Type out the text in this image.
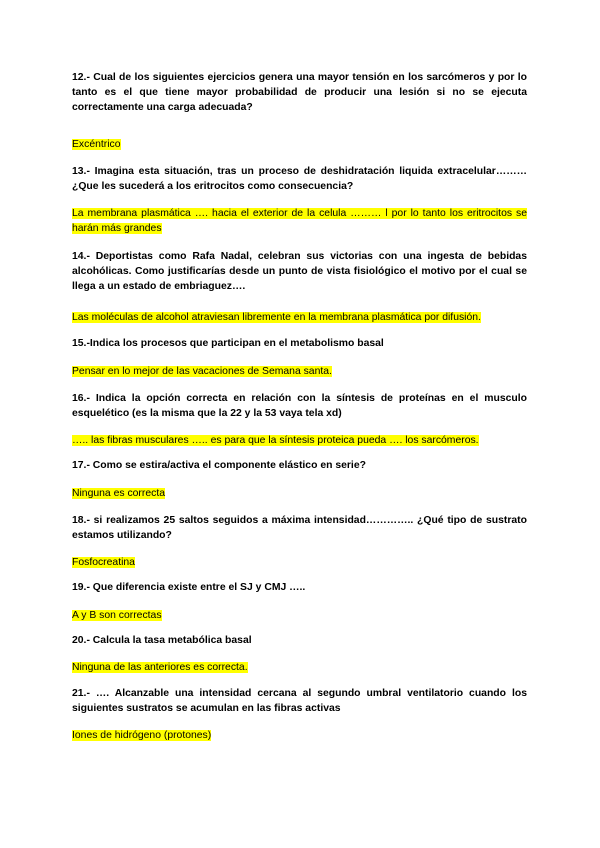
12.- Cual de los siguientes ejercicios genera una mayor tensión en los sarcómeros y por lo tanto es el que tiene mayor probabilidad de producir una lesión si no se ejecuta correctamente una carga adecuada?

Excéntrico

13.- Imagina esta situación, tras un proceso de deshidratación liquida extracelular……… ¿Que les sucederá a los eritrocitos como consecuencia?

La membrana plasmática …. hacia el exterior de la celula ……… l por lo tanto los eritrocitos se harán más grandes

14.- Deportistas como Rafa Nadal, celebran sus victorias con una ingesta de bebidas alcohólicas. Como justificarías desde un punto de vista fisiológico el motivo por el cual se llega a un estado de embriaguez….

Las moléculas de alcohol atraviesan libremente en la membrana plasmática por difusión.

15.-Indica los procesos que participan en el metabolismo basal

Pensar en lo mejor de las vacaciones de Semana santa.

16.- Indica la opción correcta en relación con la síntesis de proteínas en el musculo esquelético (es la misma que la 22 y la 53 vaya tela xd)

….. las fibras musculares ….. es para que la síntesis proteica pueda …. los sarcómeros.

17.- Como se estira/activa el componente elástico en serie?

Ninguna es correcta

18.- si realizamos 25 saltos seguidos a máxima intensidad………….. ¿Qué tipo de sustrato estamos utilizando?

Fosfocreatina

19.- Que diferencia existe entre el SJ y CMJ …..

A y B son correctas

20.- Calcula la tasa metabólica basal

Ninguna de las anteriores es correcta.

21.- …. Alcanzable una intensidad cercana al segundo umbral ventilatorio cuando los siguientes sustratos se acumulan en las fibras activas

Iones de hidrógeno (protones)
